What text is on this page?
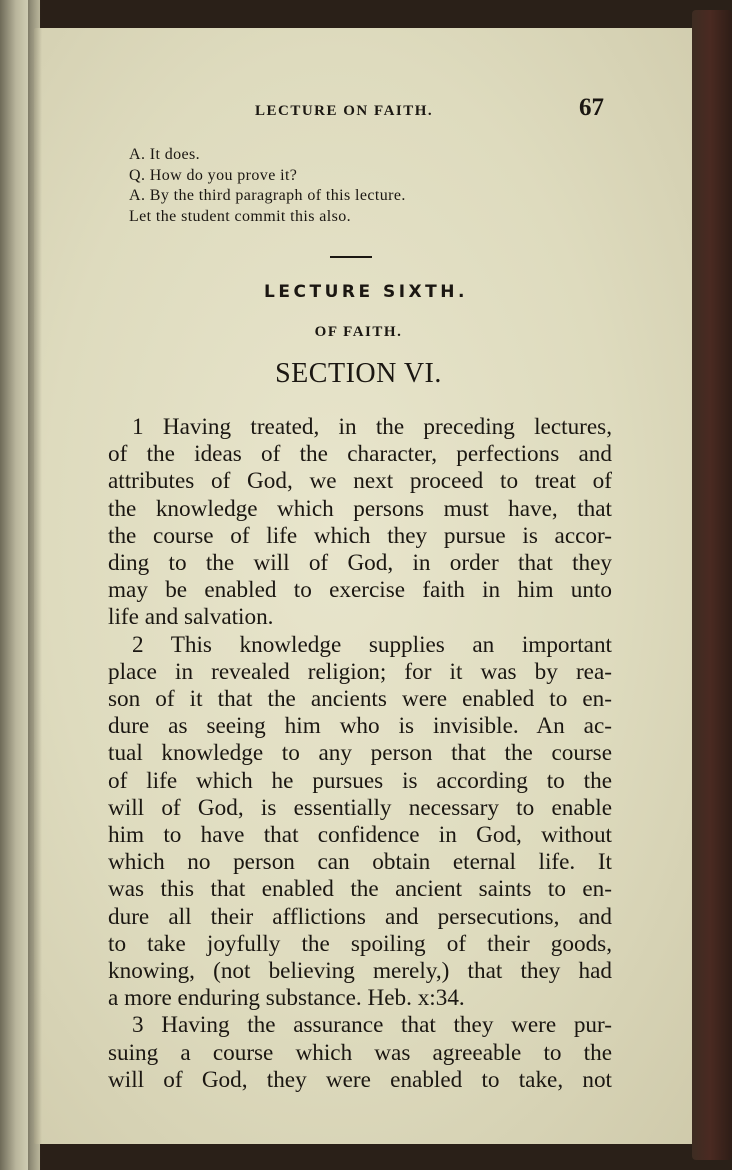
LECTURE ON FAITH.	67
A. It does.
Q. How do you prove it?
A. By the third paragraph of this lecture.
Let the student commit this also.
LECTURE SIXTH.
OF FAITH.
SECTION VI.

1 Having treated, in the preceding lectures,
of the ideas of the character, perfections and
attributes of God, we next proceed to treat of
the knowledge which persons must have, that
the course of life which they pursue is accor-
ding to the will of God, in order that they
may be enabled to exercise faith in him unto
life and salvation.

2 This knowledge supplies an important
place in revealed religion; for it was by rea-
son of it that the ancients were enabled to en-
dure as seeing him who is invisible. An ac-
tual knowledge to any person that the course
of life which he pursues is according to the
will of God, is essentially necessary to enable
him to have that confidence in God, without
which no person can obtain eternal life. It
was this that enabled the ancient saints to en-
dure all their afflictions and persecutions, and
to take joyfully the spoiling of their goods,
knowing, (not believing merely,) that they had
a more enduring substance. Heb. x:34.

3 Having the assurance that they were pur-
suing a course which was agreeable to the
will of God, they were enabled to take, not
